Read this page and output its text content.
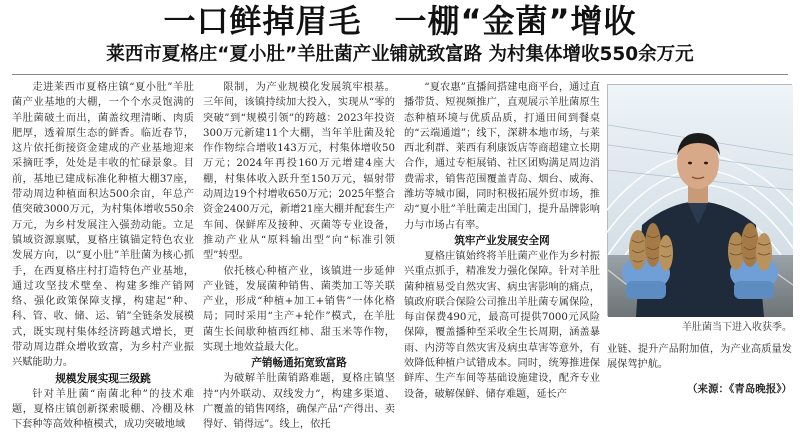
一口鲜掉眉毛　一棚“金菌”增收
莱西市夏格庄“夏小肚”羊肚菌产业铺就致富路 为村集体增收550余万元

走进莱西市夏格庄镇“夏小肚”羊肚菌产业基地的大棚，一个个水灵饱满的羊肚菌破土而出，菌盖纹理清晰、肉质肥厚，透着原生态的鲜香。临近春节，这片依托街接资金建成的产业基地迎来采摘旺季，处处是丰收的忙碌景象。目前，基地已建成标准化种植大棚37座，带动周边种植面积达500余亩，年总产值突破3000万元，为村集体增收550余万元，为乡村发展注入强劲动能。立足镇域资源禀赋，夏格庄镇锚定特色农业发展方向，以“夏小肚”羊肚菌为核心抓手，在西夏格庄村打造特色产业基地，通过攻坚技术壁垒、构建多维产销网络、强化政策保障支撑，构建起“种、科、管、收、储、运、销”全链条发展模式，既实现村集体经济跨越式增长，更带动周边群众增收致富，为乡村产业振兴赋能助力。

规模发展实现三级跳

针对羊肚菌“南菌北种”的技术难题，夏格庄镇创新探索暖棚、冷棚及林下套种等高效种植模式，成功突破地域

限制，为产业规模化发展筑牢根基。三年间，该镇持续加大投入，实现从“零的突破”到“规模引领”的跨越：2023年投资300万元新建11个大棚，当年羊肚菌及轮作作物综合增收143万元，村集体增收50万元；2024年再投160万元增建4座大棚，村集体收入跃升至150万元，辐射带动周边19个村增收650万元；2025年整合资金2400万元，新增21座大棚并配套生产车间、保鲜库及接种、灭菌等专业设备，推动产业从“原料输出型”向“标准引领型”转型。

依托核心种植产业，该镇进一步延伸产业链，发展菌种销售、菌类加工等关联产业，形成“种植+加工+销售”一体化格局；同时采用“主产+轮作”模式，在羊肚菌生长间歇种植西红柿、甜玉米等作物，实现土地效益最大化。

产销畅通拓宽致富路

为破解羊肚菌销路难题，夏格庄镇坚持“内外联动、双线发力”，构建多渠道、广覆盖的销售网络，确保产品“产得出、卖得好、销得远”。线上，依托

“夏农惠”直播间搭建电商平台，通过直播带货、短视频推广，直观展示羊肚菌原生态种植环境与优质品质，打通田间到餐桌的“云端通道”；线下，深耕本地市场，与莱西北利群、莱西有利康饭店等商超建立长期合作，通过专柜展销、社区团购满足周边消费需求，销售范围覆盖青岛、烟台、威海、潍坊等城市圈，同时积极拓展外贸市场，推动“夏小肚”羊肚菌走出国门，提升品牌影响力与市场占有率。

筑牢产业发展安全网

夏格庄镇始终将羊肚菌产业作为乡村振兴重点抓手，精准发力强化保障。针对羊肚菌种植易受自然灾害、病虫害影响的痛点，镇政府联合保险公司推出羊肚菌专属保险，每亩保费490元，最高可提供7000元风险保障，覆盖播种至采收全生长周期，涵盖暴雨、内涝等自然灾害及病虫草害等意外，有效降低种植户试错成本。同时，统筹推进保鲜库、生产车间等基础设施建设，配齐专业设备，破解保鲜、储存难题，延长产

羊肚菌当下进入收获季。

业链、提升产品附加值，为产业高质量发展保驾护航。

（来源：《青岛晚报》）
